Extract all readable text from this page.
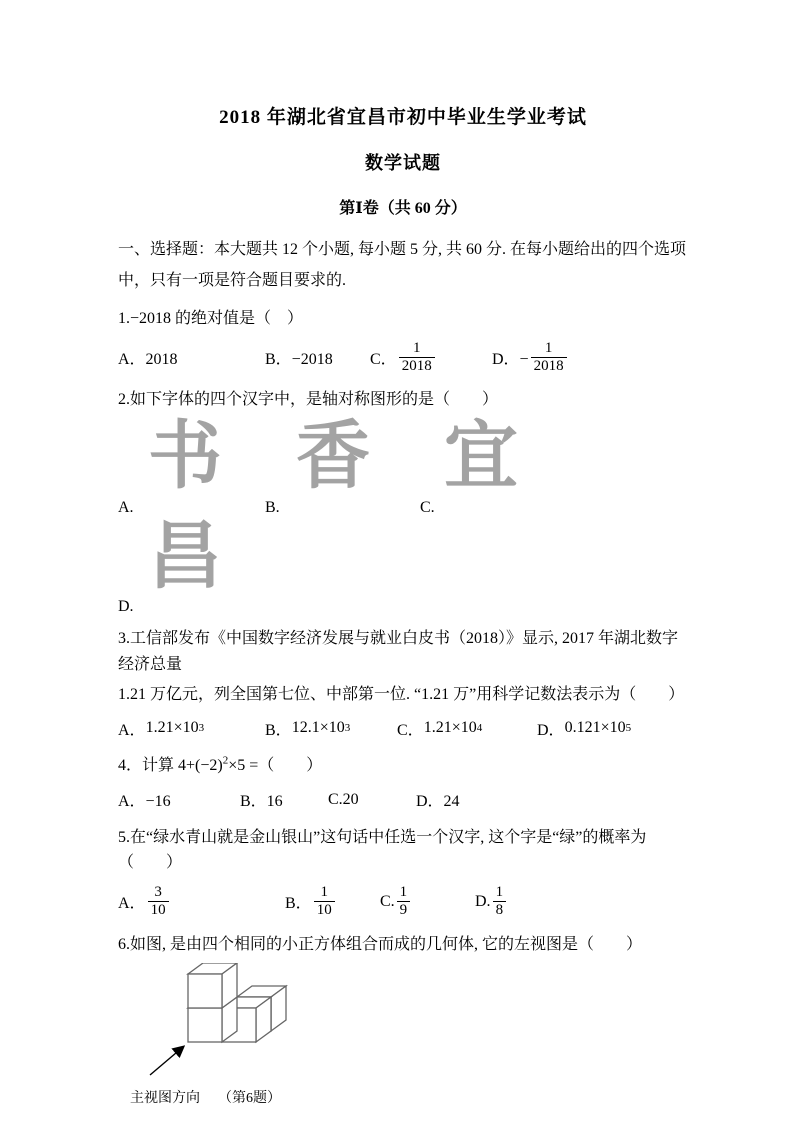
2018 年湖北省宜昌市初中毕业生学业考试
数学试题
第Ⅰ卷（共 60 分）
一、选择题：本大题共 12 个小题, 每小题 5 分, 共 60 分. 在每小题给出的四个选项中，只有一项是符合题目要求的.
1.−2018 的绝对值是（　）
A．2018	B．−2018	C． $\frac{1}{2018}$	D．− $\frac{1}{2018}$
2.如下字体的四个汉字中，是轴对称图形的是（　　）
书 香 宜
A.	B.	C.
昌
D.
3.工信部发布《中国数字经济发展与就业白皮书（2018）》显示, 2017 年湖北数字经济总量
1.21 万亿元，列全国第七位、中部第一位. “1.21 万”用科学记数法表示为（　　）
A． 1.21×10 3	B． 12.1×10 3	C． 1.21×10 4	D． 0.121×10 5
4．计算 $4+(-2)^2\times 5$ =（　　）
A．−16	B．16	C.20	D．24
5.在“绿水青山就是金山银山”这句话中任选一个汉字, 这个字是“绿”的概率为（　　）
A． $\frac{3}{10}$	B． $\frac{1}{10}$	C. $\frac{1}{9}$	D. $\frac{1}{8}$
6.如图, 是由四个相同的小正方体组合而成的几何体, 它的左视图是（　　）
主视图方向 （第6题）
